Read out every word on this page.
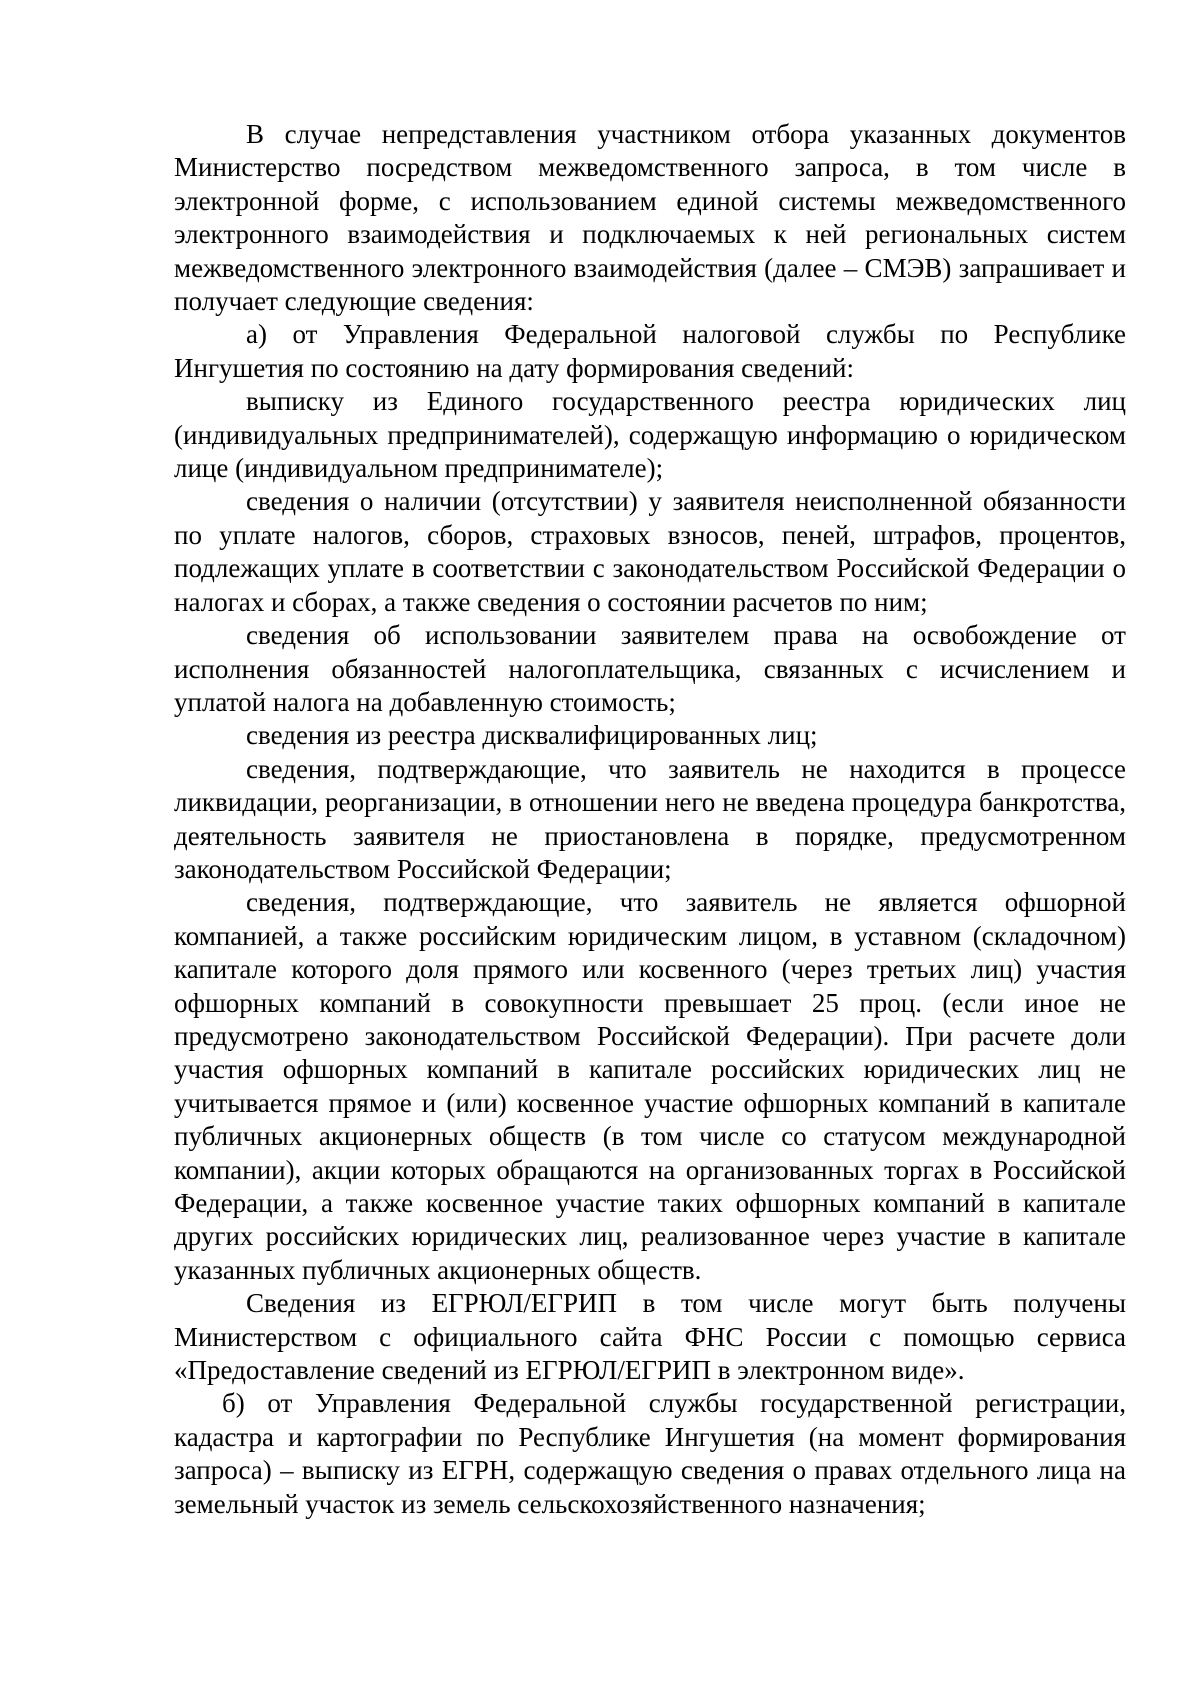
В случае непредставления участником отбора указанных документов Министерство посредством межведомственного запроса, в том числе в электронной форме, с использованием единой системы межведомственного электронного взаимодействия и подключаемых к ней региональных систем межведомственного электронного взаимодействия (далее – СМЭВ) запрашивает и получает следующие сведения:

а) от Управления Федеральной налоговой службы по Республике Ингушетия по состоянию на дату формирования сведений:

выписку из Единого государственного реестра юридических лиц (индивидуальных предпринимателей), содержащую информацию о юридическом лице (индивидуальном предпринимателе);

сведения о наличии (отсутствии) у заявителя неисполненной обязанности по уплате налогов, сборов, страховых взносов, пеней, штрафов, процентов, подлежащих уплате в соответствии с законодательством Российской Федерации о налогах и сборах, а также сведения о состоянии расчетов по ним;

сведения об использовании заявителем права на освобождение от исполнения обязанностей налогоплательщика, связанных с исчислением и уплатой налога на добавленную стоимость;

сведения из реестра дисквалифицированных лиц;

сведения, подтверждающие, что заявитель не находится в процессе ликвидации, реорганизации, в отношении него не введена процедура банкротства, деятельность заявителя не приостановлена в порядке, предусмотренном законодательством Российской Федерации;

сведения, подтверждающие, что заявитель не является офшорной компанией, а также российским юридическим лицом, в уставном (складочном) капитале которого доля прямого или косвенного (через третьих лиц) участия офшорных компаний в совокупности превышает 25 проц. (если иное не предусмотрено законодательством Российской Федерации). При расчете доли участия офшорных компаний в капитале российских юридических лиц не учитывается прямое и (или) косвенное участие офшорных компаний в капитале публичных акционерных обществ (в том числе со статусом международной компании), акции которых обращаются на организованных торгах в Российской Федерации, а также косвенное участие таких офшорных компаний в капитале других российских юридических лиц, реализованное через участие в капитале указанных публичных акционерных обществ.

Сведения из ЕГРЮЛ/ЕГРИП в том числе могут быть получены Министерством с официального сайта ФНС России с помощью сервиса «Предоставление сведений из ЕГРЮЛ/ЕГРИП в электронном виде».

б) от Управления Федеральной службы государственной регистрации, кадастра и картографии по Республике Ингушетия (на момент формирования запроса) – выписку из ЕГРН, содержащую сведения о правах отдельного лица на земельный участок из земель сельскохозяйственного назначения;
